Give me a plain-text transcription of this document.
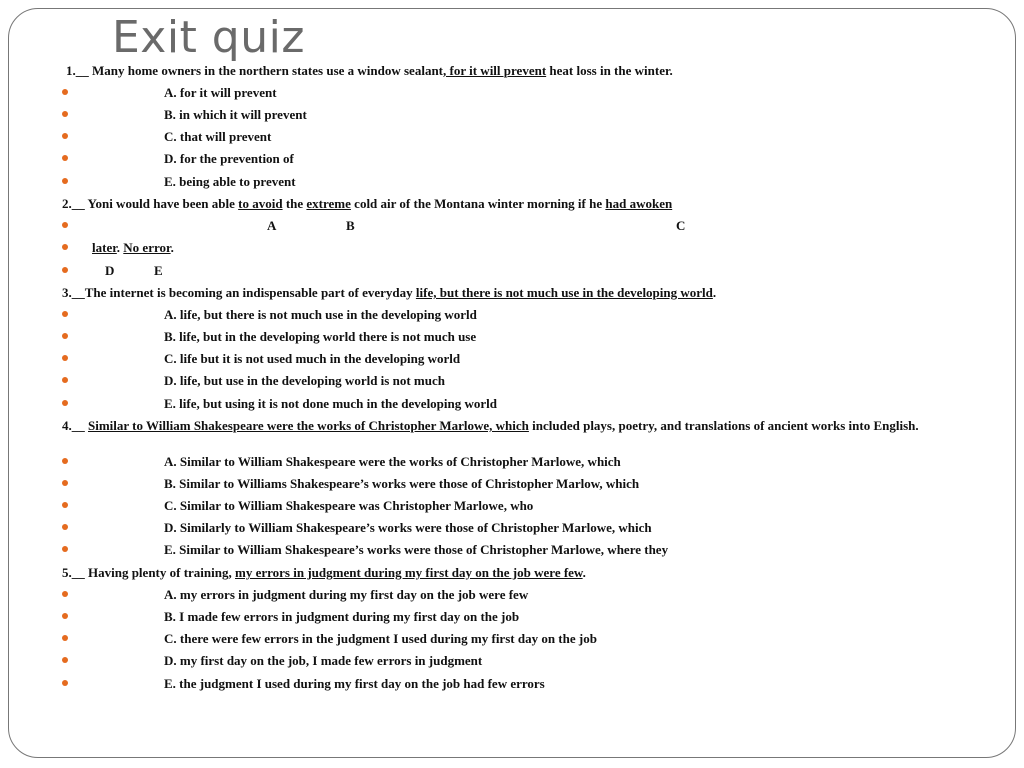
Exit quiz
1.__ Many home owners in the northern states use a window sealant, for it will prevent heat loss in the winter.
A. for it will prevent
B. in which it will prevent
C. that will prevent
D. for the prevention of
E. being able to prevent
2.__ Yoni would have been able to avoid the extreme cold air of the Montana winter morning if he had awoken
A	B	C
later. No error.
D	E
3.__The internet is becoming an indispensable part of everyday life, but there is not much use in the developing world.
A. life, but there is not much use in the developing world
B. life, but in the developing world there is not much use
C. life but it is not used much in the developing world
D. life, but use in the developing world is not much
E. life, but using it is not done much in the developing world
4.__ Similar to William Shakespeare were the works of Christopher Marlowe, which included plays, poetry, and translations of ancient works into English.
A. Similar to William Shakespeare were the works of Christopher Marlowe, which
B. Similar to Williams Shakespeare’s works were those of Christopher Marlow, which
C. Similar to William Shakespeare was Christopher Marlowe, who
D. Similarly to William Shakespeare’s works were those of Christopher Marlowe, which
E. Similar to William Shakespeare’s works were those of Christopher Marlowe, where they
5.__ Having plenty of training, my errors in judgment during my first day on the job were few.
A. my errors in judgment during my first day on the job were few
B. I made few errors in judgment during my first day on the job
C. there were few errors in the judgment I used during my first day on the job
D. my first day on the job, I made few errors in judgment
E. the judgment I used during my first day on the job had few errors
